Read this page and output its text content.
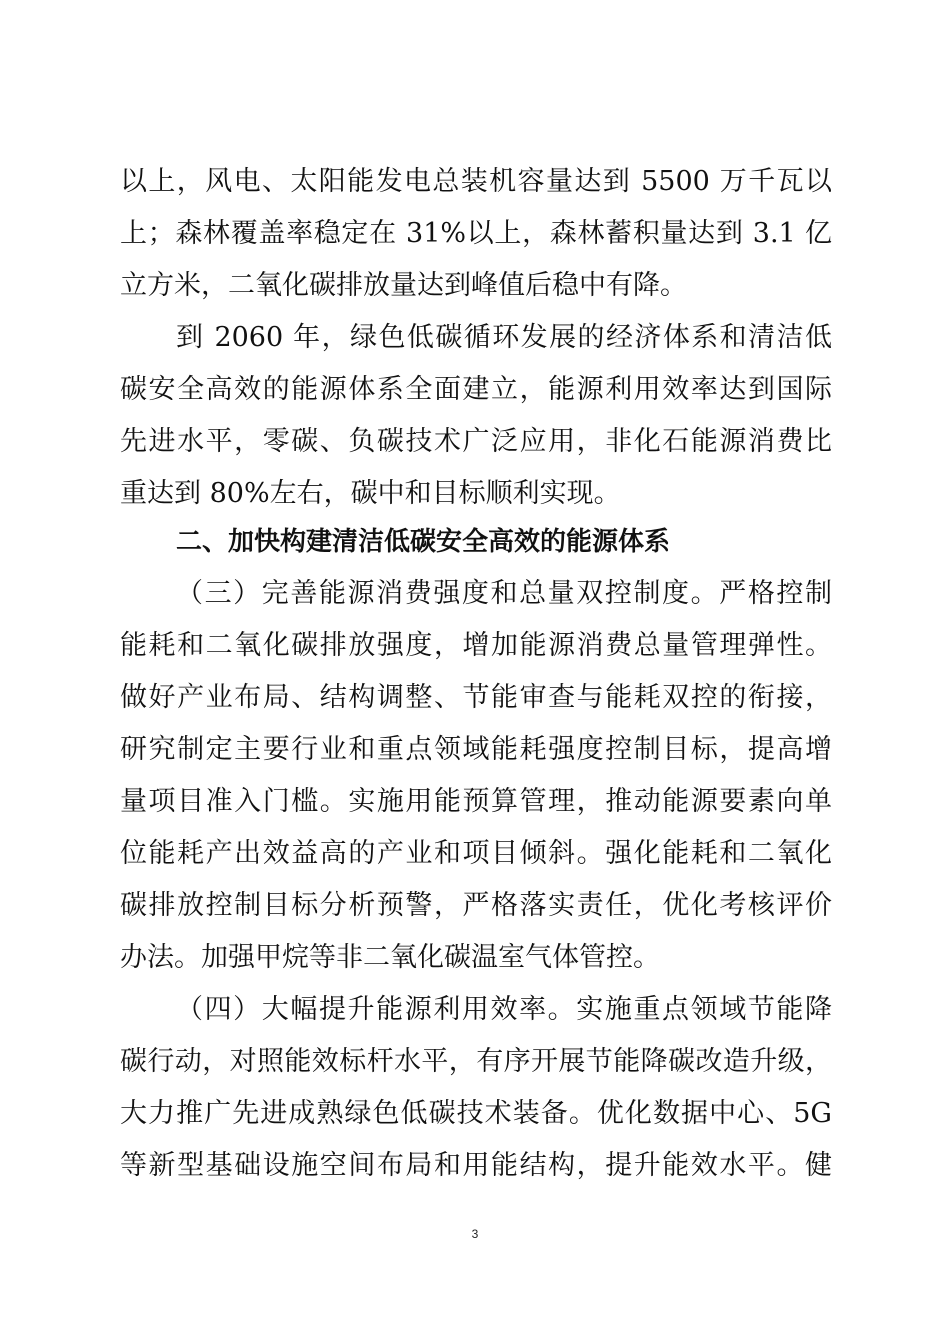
以上，风电、太阳能发电总装机容量达到 5500 万千瓦以
上；森林覆盖率稳定在 31%以上，森林蓄积量达到 3.1 亿
立方米，二氧化碳排放量达到峰值后稳中有降。
到 2060 年，绿色低碳循环发展的经济体系和清洁低
碳安全高效的能源体系全面建立，能源利用效率达到国际
先进水平，零碳、负碳技术广泛应用，非化石能源消费比
重达到 80%左右，碳中和目标顺利实现。
二、加快构建清洁低碳安全高效的能源体系
（三）完善能源消费强度和总量双控制度。严格控制
能耗和二氧化碳排放强度，增加能源消费总量管理弹性。
做好产业布局、结构调整、节能审查与能耗双控的衔接，
研究制定主要行业和重点领域能耗强度控制目标，提高增
量项目准入门槛。实施用能预算管理，推动能源要素向单
位能耗产出效益高的产业和项目倾斜。强化能耗和二氧化
碳排放控制目标分析预警，严格落实责任，优化考核评价
办法。加强甲烷等非二氧化碳温室气体管控。
（四）大幅提升能源利用效率。实施重点领域节能降
碳行动，对照能效标杆水平，有序开展节能降碳改造升级，
大力推广先进成熟绿色低碳技术装备。优化数据中心、5G
等新型基础设施空间布局和用能结构，提升能效水平。健
3
